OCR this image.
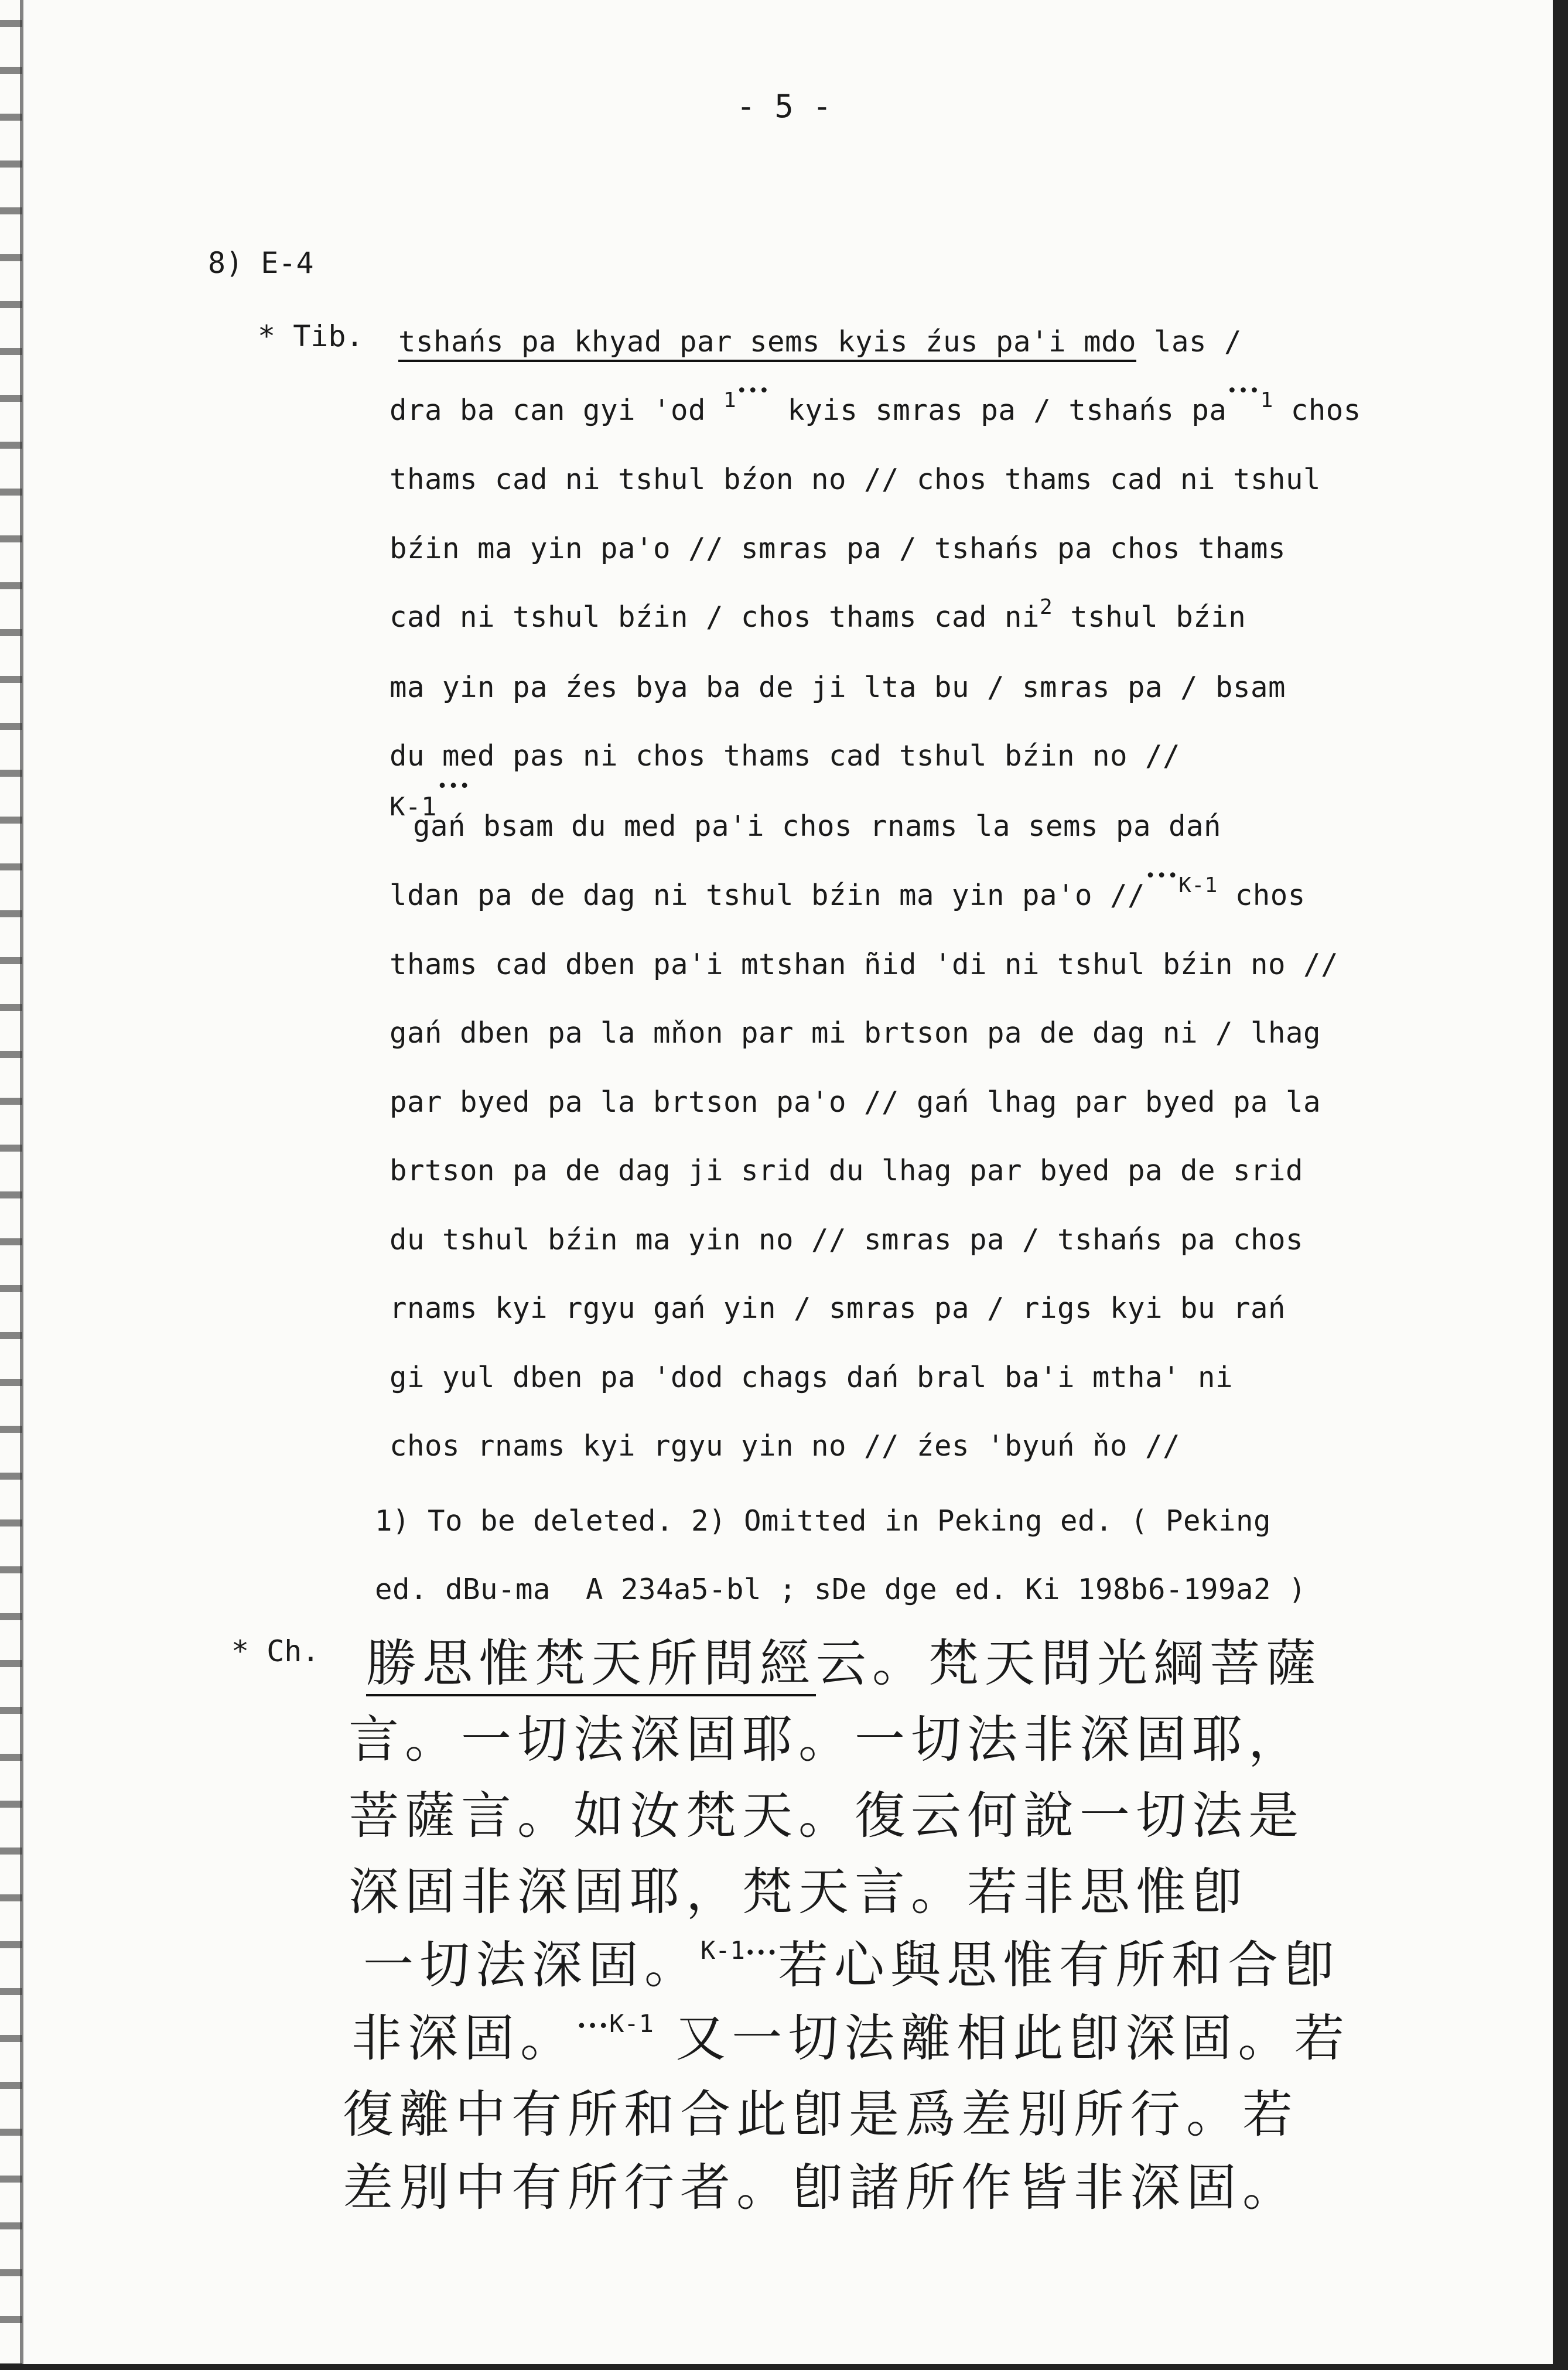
- 5 -
8) E-4
* Tib. tshańs pa khyad par sems kyis źus pa'i mdo las /
dra ba can gyi 'od $^{1•••}$ kyis smras pa / tshańs $pa^{•••1}$ chos
thams cad ni tshul bźon no // chos thams cad ni tshul
bźin ma yin pa'o // smras pa / tshańs pa chos thams
cad ni tshul bźin / chos thams cad $ni^2$ tshul bźin
ma yin pa źes bya ba de ji lta bu / smras pa / bsam
du med pas ni chos thams cad tshul bźin no //
K-1•••
gań bsam du med pa'i chos rnams la sems pa dań
ldan pa de dag ni tshul bźin ma yin pa'o //$^{•••K-1}$ chos
thams cad dben pa'i mtshan ñid 'di ni tshul bźin no //
gań dben pa la mňon par mi brtson pa de dag ni / lhag
par byed pa la brtson pa'o // gań lhag par byed pa la
brtson pa de dag ji srid du lhag par byed pa de srid
du tshul bźin ma yin no // smras pa / tshańs pa chos
rnams kyi rgyu gań yin / smras pa / rigs kyi bu rań
gi yul dben pa 'dod chags dań bral ba'i mtha' ni
chos rnams kyi rgyu yin no // źes 'byuń ňo //
1) To be deleted. 2) Omitted in Peking ed. ( Peking
ed. dBu-ma  A 234a5-bl ; sDe dge ed. Ki 198b6-199a2 )
* Ch. 勝思惟梵天所問經云。梵天問光綱菩薩
言。一切法深固耶。一切法非深固耶，
菩薩言。如汝梵天。復云何說一切法是
深固非深固耶，梵天言。若非思惟卽
一切法深固。$^{K-1•••}$若心與思惟有所和合卽
非深固。$^{•••K-1}$ 又一切法離相此卽深固。若
復離中有所和合此卽是爲差別所行。若
差別中有所行者。卽諸所作皆非深固。
